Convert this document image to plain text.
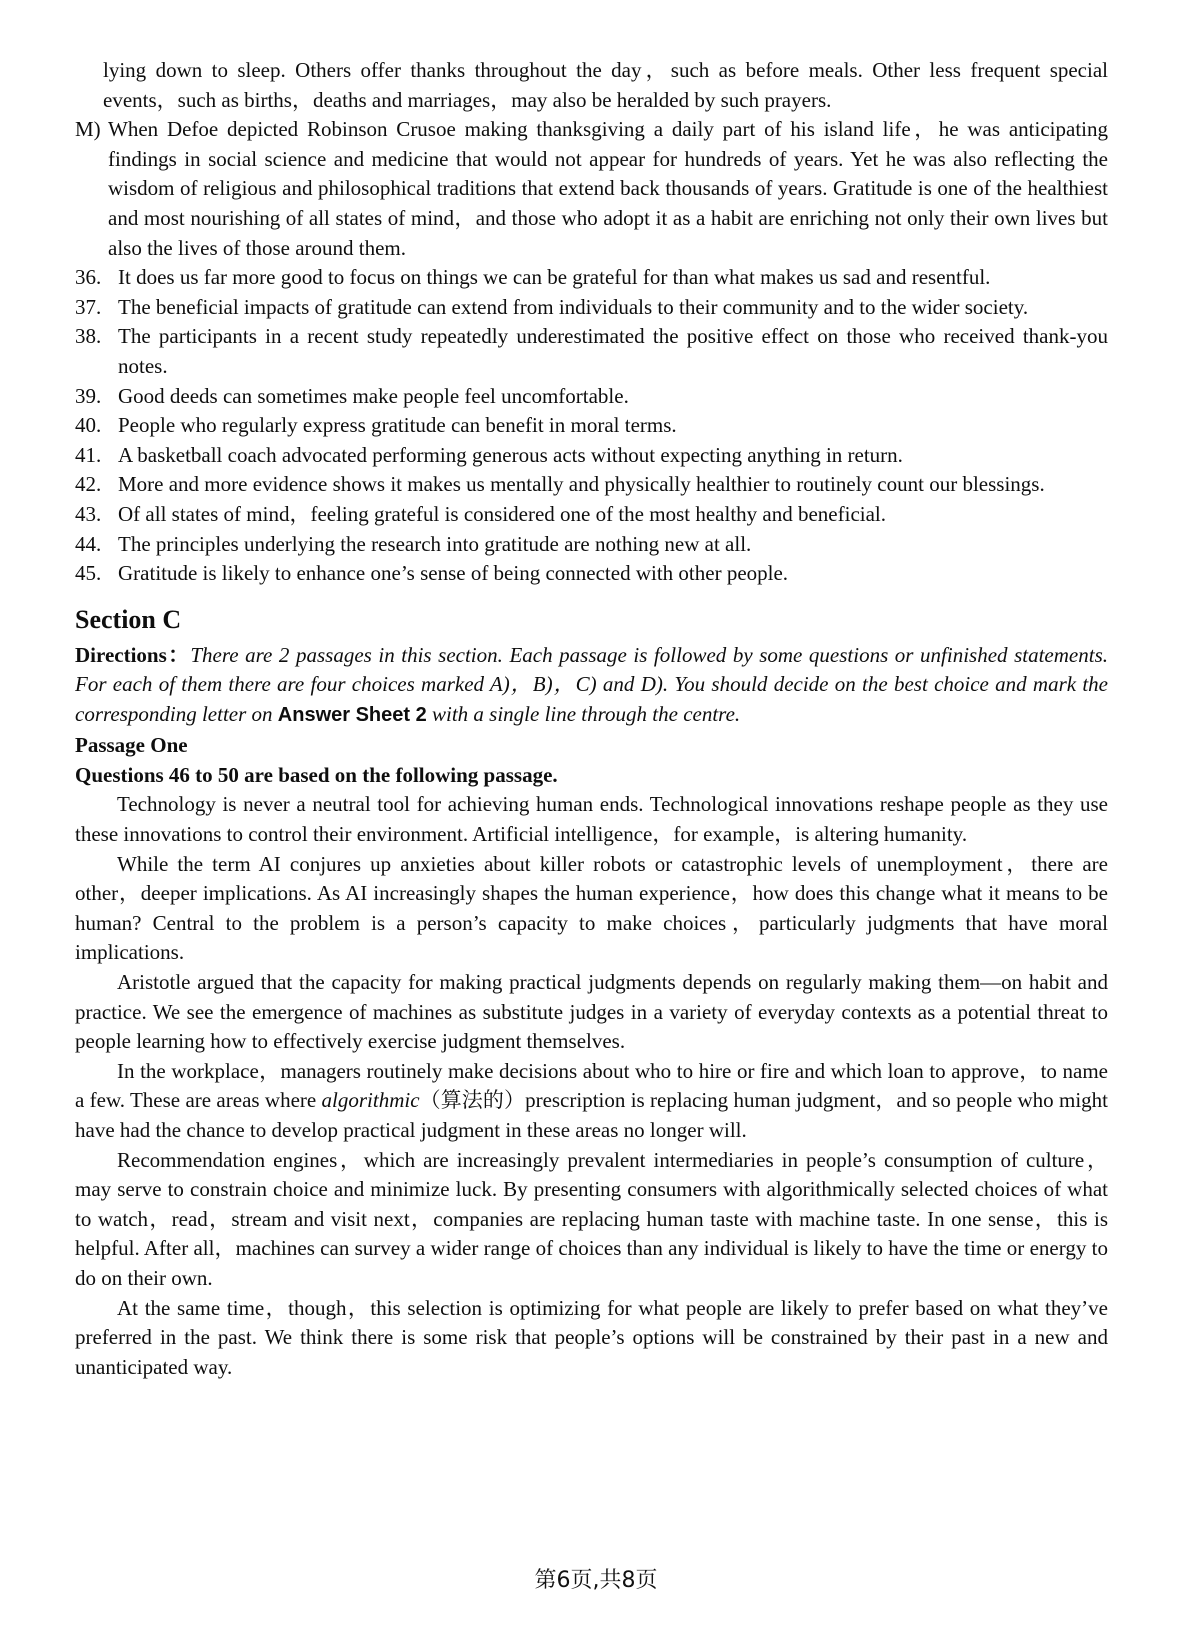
lying down to sleep. Others offer thanks throughout the day，such as before meals. Other less frequent special events，such as births，deaths and marriages，may also be heralded by such prayers.

M) When Defoe depicted Robinson Crusoe making thanksgiving a daily part of his island life，he was anticipating findings in social science and medicine that would not appear for hundreds of years. Yet he was also reflecting the wisdom of religious and philosophical traditions that extend back thousands of years. Gratitude is one of the healthiest and most nourishing of all states of mind，and those who adopt it as a habit are enriching not only their own lives but also the lives of those around them.
36. It does us far more good to focus on things we can be grateful for than what makes us sad and resentful.
37. The beneficial impacts of gratitude can extend from individuals to their community and to the wider society.
38. The participants in a recent study repeatedly underestimated the positive effect on those who received thank-you notes.
39. Good deeds can sometimes make people feel uncomfortable.
40. People who regularly express gratitude can benefit in moral terms.
41. A basketball coach advocated performing generous acts without expecting anything in return.
42. More and more evidence shows it makes us mentally and physically healthier to routinely count our blessings.
43. Of all states of mind，feeling grateful is considered one of the most healthy and beneficial.
44. The principles underlying the research into gratitude are nothing new at all.
45. Gratitude is likely to enhance one’s sense of being connected with other people.
Section C

Directions：There are 2 passages in this section. Each passage is followed by some questions or unfinished statements. For each of them there are four choices marked A)，B)，C) and D). You should decide on the best choice and mark the corresponding letter on Answer Sheet 2 with a single line through the centre.

Passage One
Questions 46 to 50 are based on the following passage.

Technology is never a neutral tool for achieving human ends. Technological innovations reshape people as they use these innovations to control their environment. Artificial intelligence，for example，is altering humanity.

While the term AI conjures up anxieties about killer robots or catastrophic levels of unemployment，there are other，deeper implications. As AI increasingly shapes the human experience，how does this change what it means to be human? Central to the problem is a person’s capacity to make choices，particularly judgments that have moral implications.

Aristotle argued that the capacity for making practical judgments depends on regularly making them—on habit and practice. We see the emergence of machines as substitute judges in a variety of everyday contexts as a potential threat to people learning how to effectively exercise judgment themselves.

In the workplace，managers routinely make decisions about who to hire or fire and which loan to approve，to name a few. These are areas where algorithmic（算法的）prescription is replacing human judgment，and so people who might have had the chance to develop practical judgment in these areas no longer will.

Recommendation engines，which are increasingly prevalent intermediaries in people’s consumption of culture，may serve to constrain choice and minimize luck. By presenting consumers with algorithmically selected choices of what to watch，read，stream and visit next，companies are replacing human taste with machine taste. In one sense，this is helpful. After all，machines can survey a wider range of choices than any individual is likely to have the time or energy to do on their own.

At the same time，though，this selection is optimizing for what people are likely to prefer based on what they’ve preferred in the past. We think there is some risk that people’s options will be constrained by their past in a new and unanticipated way.

第6页,共8页
